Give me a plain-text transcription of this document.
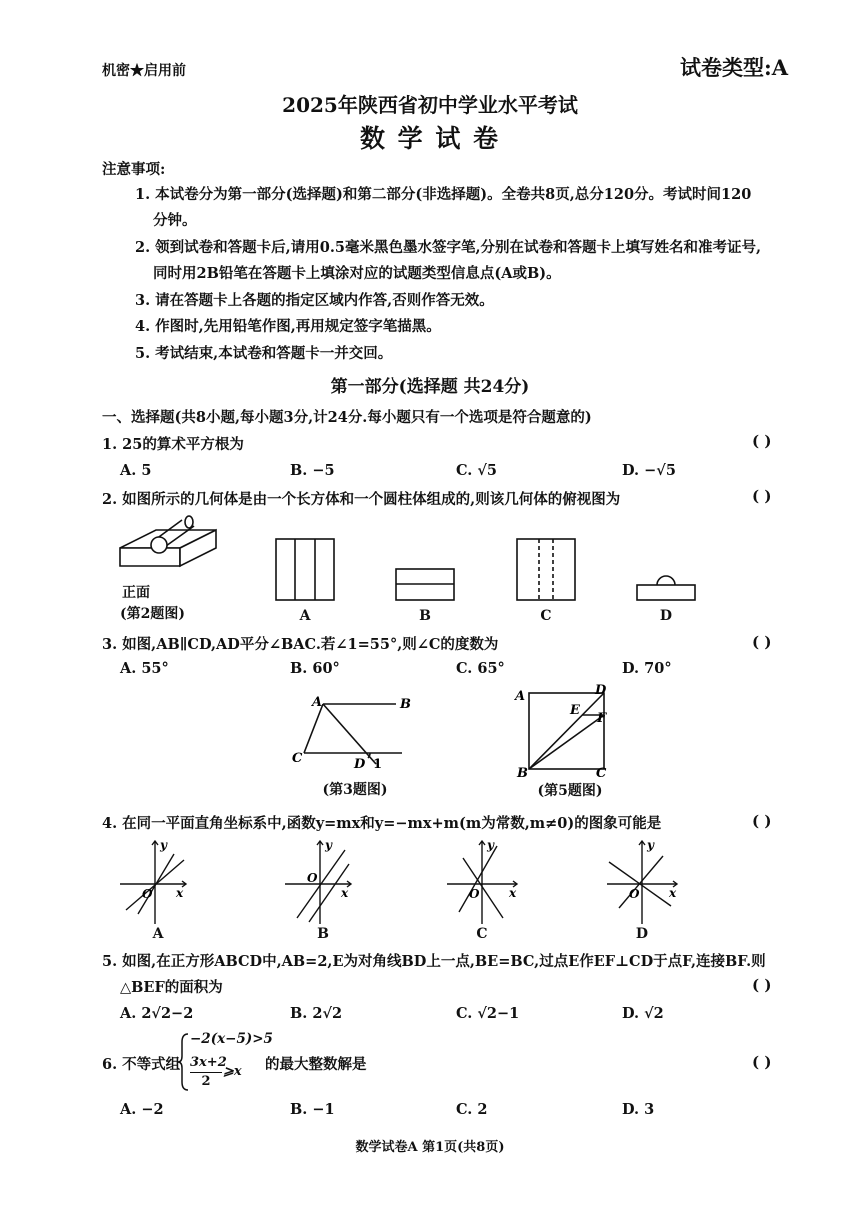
机密★启用前	试卷类型:A
2025年陕西省初中学业水平考试
数 学 试 卷
注意事项:
1. 本试卷分为第一部分(选择题)和第二部分(非选择题)。全卷共8页,总分120分。考试时间120
分钟。
2. 领到试卷和答题卡后,请用0.5毫米黑色墨水签字笔,分别在试卷和答题卡上填写姓名和准考证号,
同时用2B铅笔在答题卡上填涂对应的试题类型信息点(A或B)。
3. 请在答题卡上各题的指定区域内作答,否则作答无效。
4. 作图时,先用铅笔作图,再用规定签字笔描黑。
5. 考试结束,本试卷和答题卡一并交回。
第一部分(选择题 共24分)
一、选择题(共8小题,每小题3分,计24分.每小题只有一个选项是符合题意的)
1. 25的算术平方根为	( )
A. 5	B. −5	C. √5	D. −√5
2. 如图所示的几何体是由一个长方体和一个圆柱体组成的,则该几何体的俯视图为	( )
正面
(第2题图)	A	B	C	D
3. 如图,AB∥CD,AD平分∠BAC.若∠1=55°,则∠C的度数为	( )
A. 55°	B. 60°	C. 65°	D. 70°
A	B
C	D 1
(第3题图)
A	D
E
F
B	C
(第5题图)
4. 在同一平面直角坐标系中,函数y=mx和y=−mx+m(m为常数,m≠0)的图象可能是	( )
y
x
O
A
y
x
O
B
y
x
O
C
y
x
O
D
5. 如图,在正方形ABCD中,AB=2,E为对角线BD上一点,BE=BC,过点E作EF⊥CD于点F,连接BF.则
△BEF的面积为	( )
A. 2√2−2	B. 2√2	C. √2−1	D. √2
6. 不等式组
−2(x−5)>5
3x+2
2
⩾x 的最大整数解是	( )
A. −2	B. −1	C. 2	D. 3
数学试卷A 第1页(共8页)
